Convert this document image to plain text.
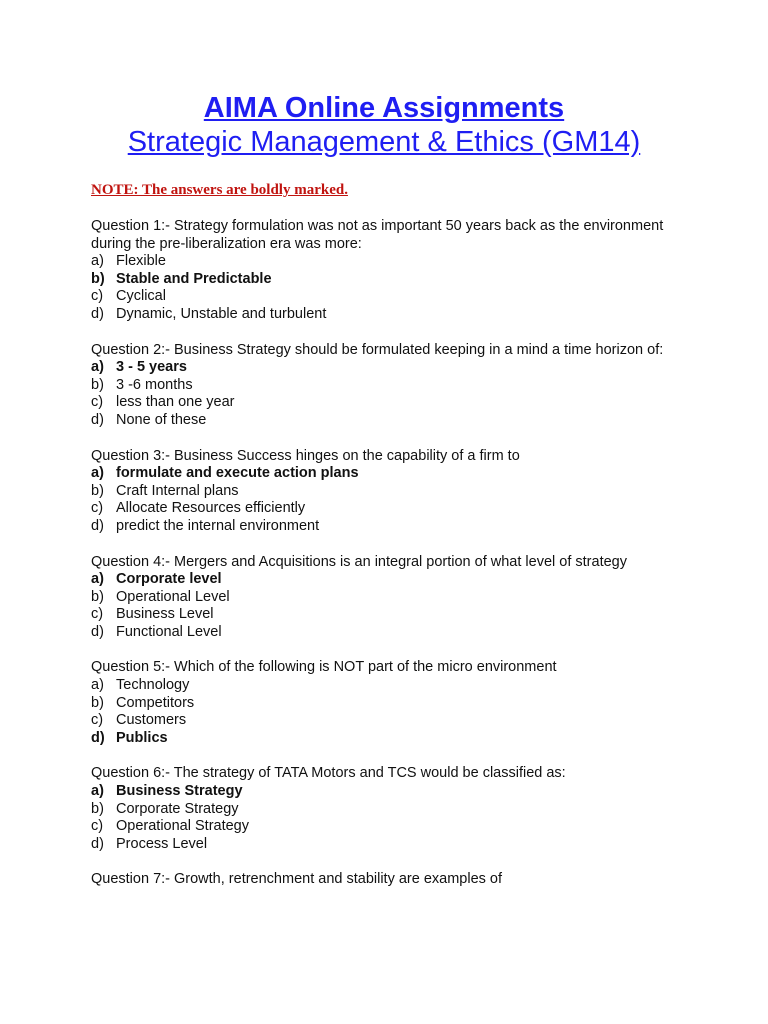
AIMA Online Assignments
Strategic Management & Ethics (GM14)
NOTE: The answers are boldly marked.
Question 1:- Strategy formulation was not as important 50 years back as the environment during the pre-liberalization era was more:
a) Flexible
b) Stable and Predictable
c) Cyclical
d) Dynamic, Unstable and turbulent
Question 2:- Business Strategy should be formulated keeping in a mind a time horizon of:
a) 3 - 5 years
b) 3 -6 months
c) less than one year
d) None of these
Question 3:- Business Success hinges on the capability of a firm to
a) formulate and execute action plans
b) Craft Internal plans
c) Allocate Resources efficiently
d) predict the internal environment
Question 4:- Mergers and Acquisitions is an integral portion of what level of strategy
a) Corporate level
b) Operational Level
c) Business Level
d) Functional Level
Question 5:- Which of the following is NOT part of the micro environment
a) Technology
b) Competitors
c) Customers
d) Publics
Question 6:- The strategy of TATA Motors and TCS would be classified as:
a) Business Strategy
b) Corporate Strategy
c) Operational Strategy
d) Process Level
Question 7:- Growth, retrenchment and stability are examples of
